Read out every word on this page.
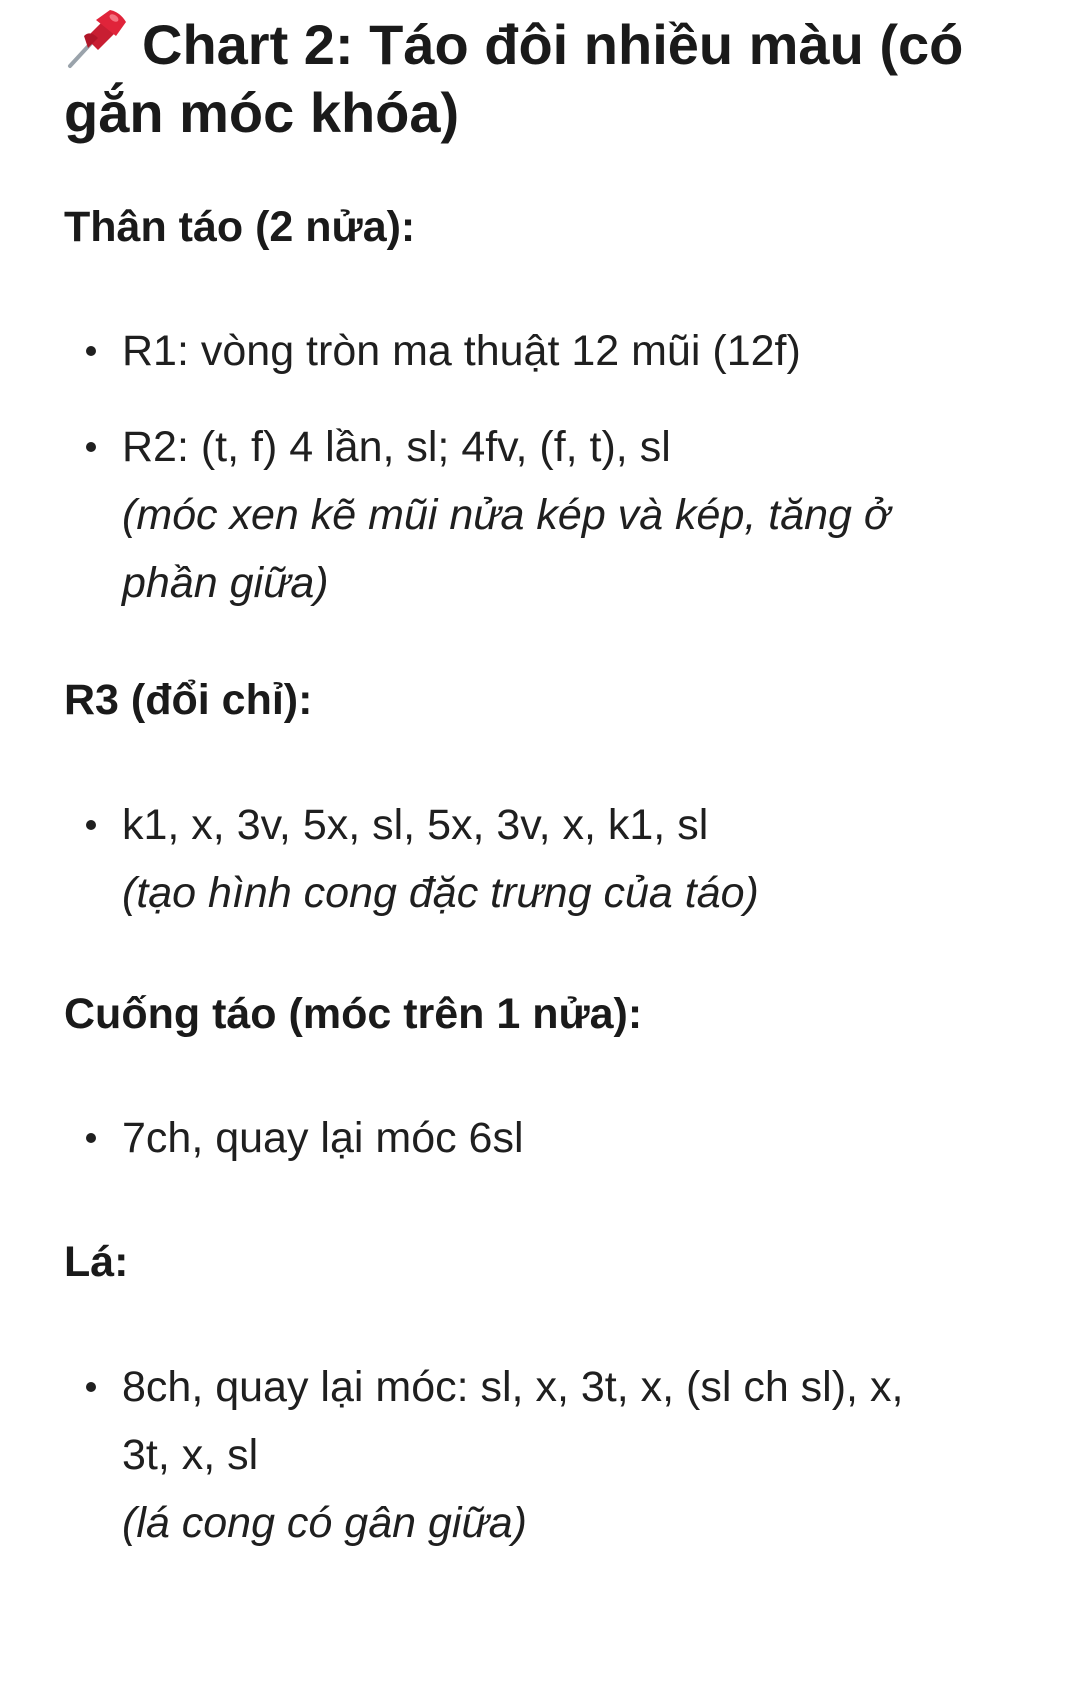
Chart 2: Táo đôi nhiều màu (có
gắn móc khóa)
Thân táo (2 nửa):
R1: vòng tròn ma thuật 12 mũi (12f)
R2: (t, f) 4 lần, sl; 4fv, (f, t), sl
(móc xen kẽ mũi nửa kép và kép, tăng ở
phần giữa)
R3 (đổi chỉ):
k1, x, 3v, 5x, sl, 5x, 3v, x, k1, sl
(tạo hình cong đặc trưng của táo)
Cuống táo (móc trên 1 nửa):
7ch, quay lại móc 6sl
Lá:
8ch, quay lại móc: sl, x, 3t, x, (sl ch sl), x,
3t, x, sl
(lá cong có gân giữa)
